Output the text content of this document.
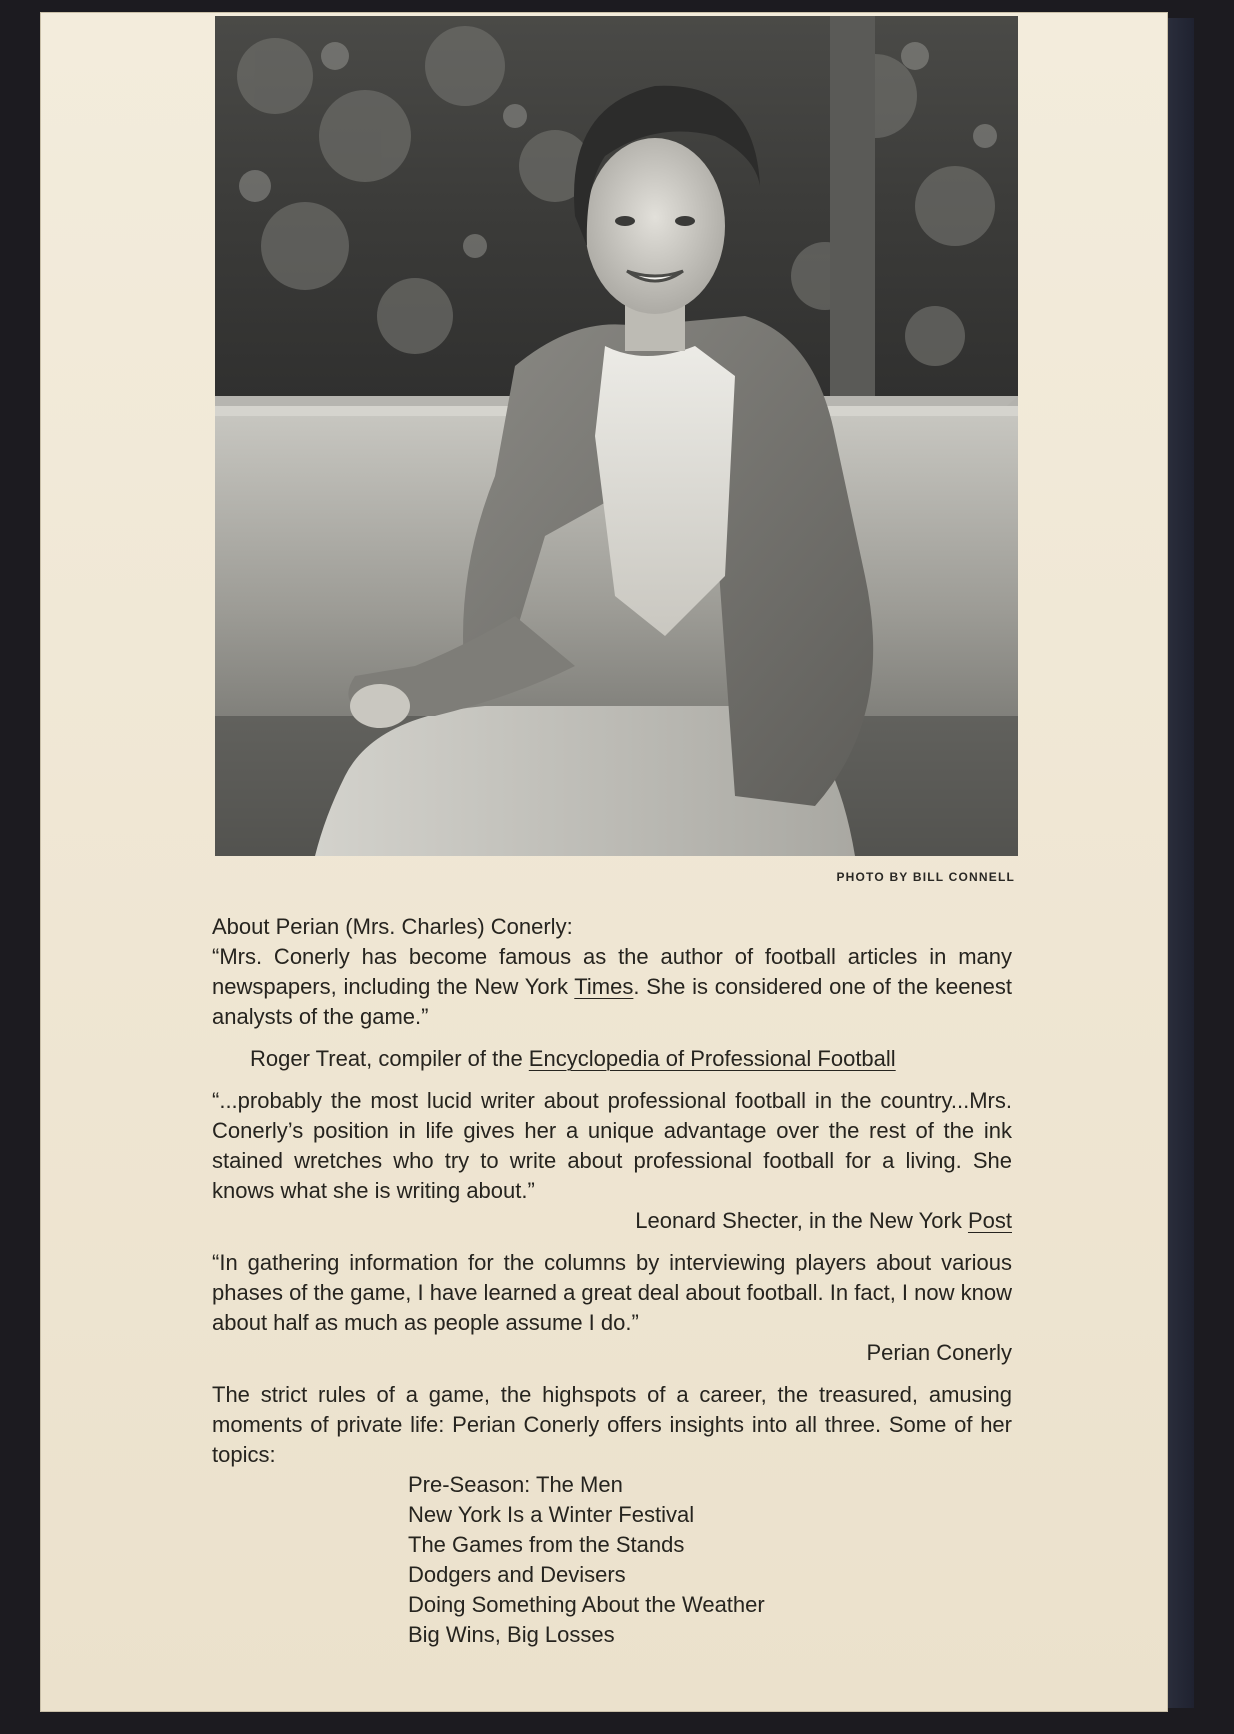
PHOTO BY BILL CONNELL

About Perian (Mrs. Charles) Conerly:

“Mrs. Conerly has become famous as the author of football articles in many newspapers, including the New York Times. She is considered one of the keenest analysts of the game.”

Roger Treat, compiler of the Encyclopedia of Professional Football

“...probably the most lucid writer about professional football in the country...Mrs. Conerly’s position in life gives her a unique advantage over the rest of the ink stained wretches who try to write about professional football for a living. She knows what she is writing about.”

Leonard Shecter, in the New York Post

“In gathering information for the columns by interviewing players about various phases of the game, I have learned a great deal about football. In fact, I now know about half as much as people assume I do.”

Perian Conerly

The strict rules of a game, the highspots of a career, the treasured, amusing moments of private life: Perian Conerly offers insights into all three. Some of her topics:

Pre-Season: The Men
New York Is a Winter Festival
The Games from the Stands
Dodgers and Devisers
Doing Something About the Weather
Big Wins, Big Losses
